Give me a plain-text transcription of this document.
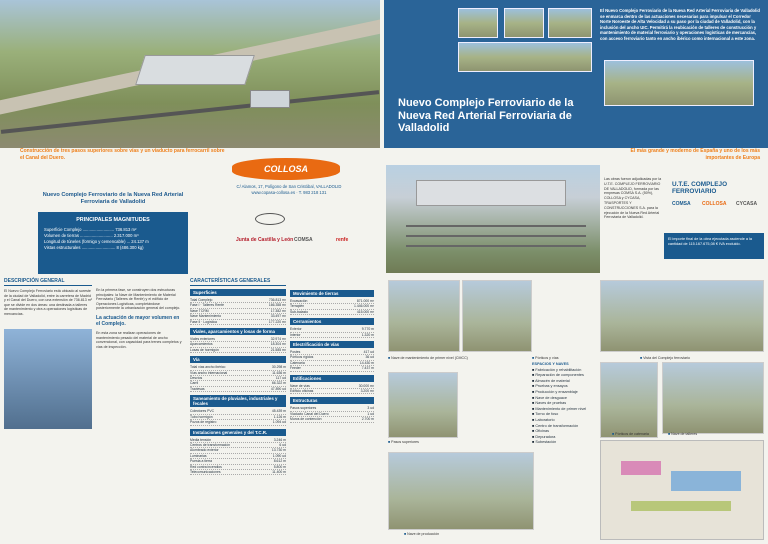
Construcción de tres pasos superiores sobre vías y un viaducto para ferrocarril sobre el Canal del Duero.
Nuevo Complejo Ferroviario de la Nueva Red Arterial Ferroviaria de Valladolid
PRINCIPALES MAGNITUDES
Superficie Complejo ........................... 736.813 m²
Volumen de tierras ............................ 2.317.000 m³
Longitud de túneles (formigo y cemencable) ... 24.137 m
Vistas estructurales ............................. 8 (486.300 kg)
COLLOSA
C/ Alamos, 17, Polígono de San Cristóbal, VALLADOLID
www.copasa-collosa.es · T. 983 218 131
Junta de Castilla y León COMSA	renfe
El Nuevo Complejo Ferroviario de la Nueva Red Arterial Ferroviaria de Valladolid se enmarca dentro de las actuaciones necesarias para impulsar el Corredor Norte Noroeste de Alta Velocidad a su paso por la ciudad de Valladolid, con la inclusión del ancho UIC. Permitirá la reubicación de talleres de construcción y mantenimiento de material ferroviario y operaciones logísticas de mercancías, con acceso ferroviario tanto en ancho ibérico como internacional a este zona.
Nuevo Complejo Ferroviario de la Nueva Red Arterial Ferroviaria de Valladolid
El más grande y moderno de España y uno de los más importantes de Europa
Las obras fueron adjudicadas por la U.T.E. COMPLEJO FERROVIARIO DE VALLADOLID, formada por las empresas COMSA S.A. (50%), COLLOSA y CYCASA, TRASPORTES Y CONSTRUCCIONES S.A. para la ejecución de la Nueva Red Arterial Ferroviaria de Valladolid.
U.T.E. COMPLEJO FERROVIARIO
COMSA COLLOSA CYCASA
El importe final de la obra ejecutada asciende a la cantidad de 115.167.675,08 € IVA excluido.
DESCRIPCIÓN GENERAL
El Nuevo Complejo Ferroviario está ubicado al sureste de la ciudad de Valladolid, entre la carretera de Madrid y el Canal del Duero, con una extensión de 736.813 m² que se divide en dos áreas: una destinada a talleres de mantenimiento y otra a operaciones logísticas de mercancías.
En la primera fase, se construyen dos estructuras principales: la Nave de Mantenimiento de Material Ferroviario (Talleres de Renfe) y el edificio de Operaciones Logísticas, completándose posteriormente la urbanización general del complejo.
La actuación de mayor volumen en el Complejo.
En esta zona se realizan operaciones de mantenimiento pesado del material de ancho convencional, con capacidad para trenes completos y vías de inspección.
CARACTERÍSTICAS GENERALES
Superficies
Total Complejo	736.813 m²
Fase I · Talleres Renfe	166.358 m²
Nave TCRM	17.382 m²
Nave Mantenimiento	33.497 m²
Fase II · Logística	177.220 m²
Viales, aparcamientos y losas de forma
Viales exteriores	32.974 m²
Aparcamientos	18.304 m²
Losas de hormigón	21.585 m²
Vía
Total vías ancho ibérico	30.298 m
Vías ancho internacional	11.636 m
Desvíos	117 ud
Carril	66.322 m
Traviesas	47.890 ud
Saneamiento de pluviales, industriales y fecales
Colectores PVC	45.439 m
Tubo hormigón	1.126 m
Pozos de registro	1.094 ud
Instalaciones generales y del T.C.R.
Media tensión	3.246 m
Centros de transformación	6 ud
Alumbrado exterior	13.730 m
Luminarias	1.090 ud
Puesta a tierra	8.612 m
Red contra incendios	5.800 m
Telecomunicaciones	11.400 m
Movimiento de tierras
Excavación	871.000 m³
Terraplén	1.446.000 m³
Sub-balasto	415.000 m³
Cerramientos
Exterior	9.770 m
Interior	1.320 m
Electrificación de vías
Postes	417 ud
Pórticos rígidos	36 ud
Catenaria	14.430 m
Feeder	7.437 m
Edificaciones
Nave de vías	30.000 m²
Edificio oficinas	3.200 m²
Estructuras
Pasos superiores	3 ud
Viaducto Canal del Duero	1 ud
Muros de contención	2.700 m
■ Nave de mantenimiento de primer nivel (CMCC)	■ Pórticos y vías	■ Vista del Complejo ferroviario
■ Pasos superiores
■ Pórticos de catenaria	■ Nave de talleres
■ Nave de producción
ESPACIOS Y NAVES
■ Fabricación y rehabilitación
■ Reparación de componentes
■ Almacén de material
■ Pruebas y ensayos
■ Producción y ensamblaje
■ Nave de desguace
■ Naves de pruebas
■ Mantenimiento de primer nivel
■ Torno de foso
■ Laboratorio
■ Centro de transformación
■ Oficinas
■ Depuradora
■ Subestación
